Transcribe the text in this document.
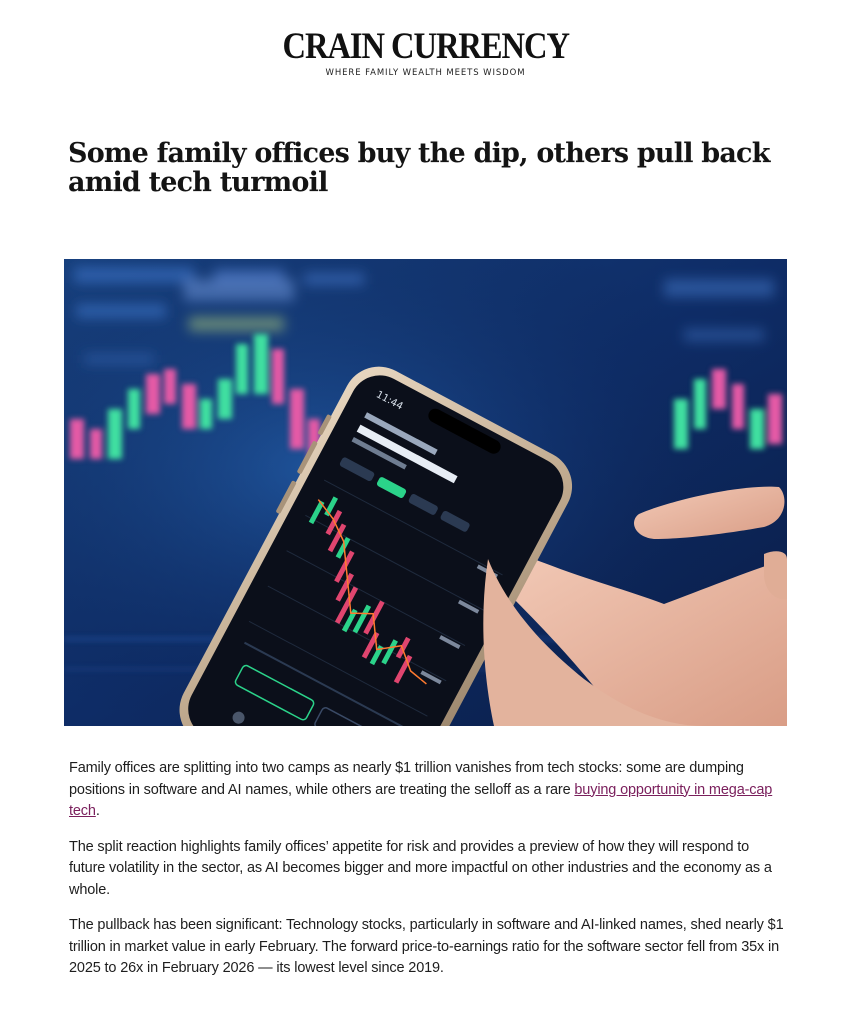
CRAIN CURRENCY
WHERE FAMILY WEALTH MEETS WISDOM
Some family offices buy the dip, others pull back amid tech turmoil
11:44

Family offices are splitting into two camps as nearly $1 trillion vanishes from tech stocks: some are dumping positions in software and AI names, while others are treating the selloff as a rare buying opportunity in mega-cap tech.

The split reaction highlights family offices’ appetite for risk and provides a preview of how they will respond to future volatility in the sector, as AI becomes bigger and more impactful on other industries and the economy as a whole.

The pullback has been significant: Technology stocks, particularly in software and AI-linked names, shed nearly $1 trillion in market value in early February. The forward price-to-earnings ratio for the software sector fell from 35x in 2025 to 26x in February 2026 — its lowest level since 2019.
